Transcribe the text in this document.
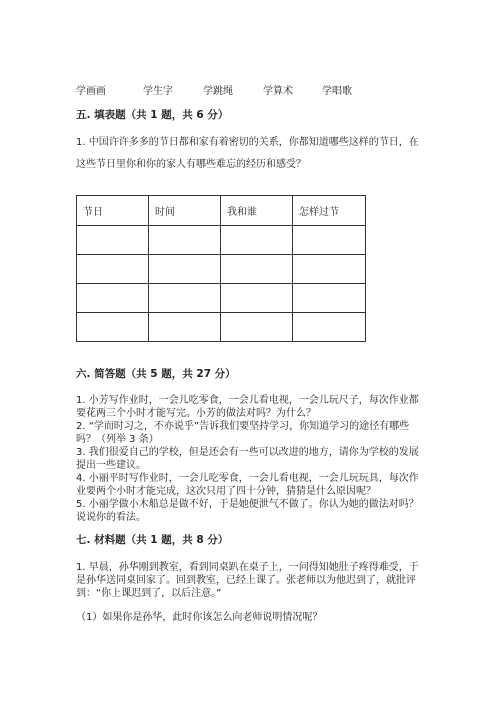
学画画	学生字	学跳绳	学算术	学唱歌
五. 填表题（共 1 题，共 6 分）
1. 中国许许多多的节日都和家有着密切的关系，你都知道哪些这样的节日，在
这些节日里你和你的家人有哪些难忘的经历和感受？
节日	时间	我和谁	怎样过节

六. 简答题（共 5 题，共 27 分）
1. 小芳写作业时，一会儿吃零食，一会儿看电视，一会儿玩尺子，每次作业都
要花两三个小时才能写完。小芳的做法对吗？为什么？
2. “学而时习之，不亦说乎”告诉我们要坚持学习，你知道学习的途径有哪些
吗？（列举 3 条）
3. 我们很爱自己的学校，但是还会有一些可以改进的地方，请你为学校的发展
提出一些建议。
4. 小丽平时写作业时，一会儿吃零食，一会儿看电视，一会儿玩玩具，每次作
业要两个小时才能完成，这次只用了四十分钟，猜猜是什么原因呢？
5. 小丽学做小木船总是做不好，于是她便泄气不做了。你认为她的做法对吗？
说说你的看法。
七. 材料题（共 1 题，共 8 分）
1. 早晨，孙华刚到教室，看到同桌趴在桌子上，一问得知她肚子疼得难受，于
是孙华送同桌回家了。回到教室，已经上课了。张老师以为他迟到了，就批评
到：“你上课迟到了，以后注意。”
（1）如果你是孙华，此时你该怎么向老师说明情况呢？
